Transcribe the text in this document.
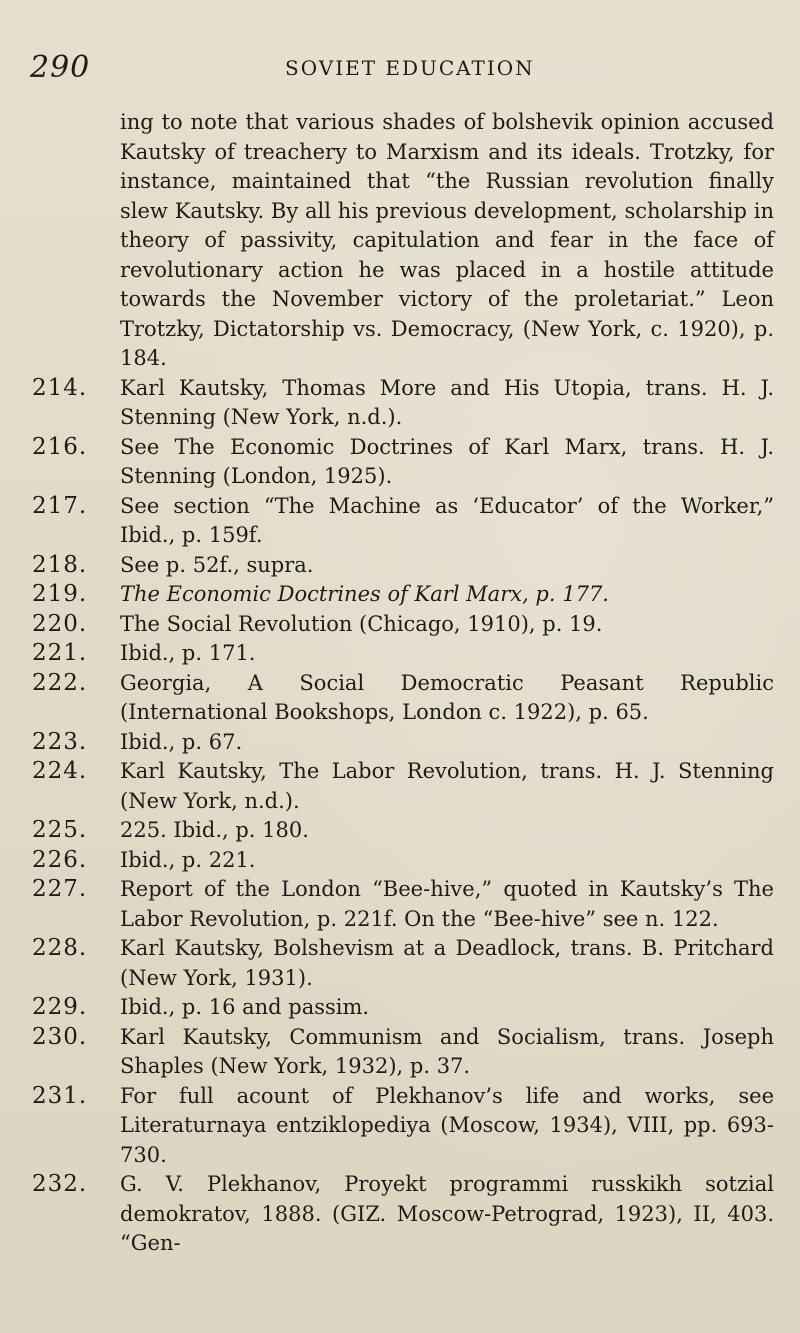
290	SOVIET EDUCATION
ing to note that various shades of bolshevik opinion accused Kautsky of treachery to Marxism and its ideals. Trotzky, for instance, maintained that “the Russian revolution finally slew Kautsky. By all his previous development, scholarship in theory of passivity, capitulation and fear in the face of revolutionary action he was placed in a hostile attitude towards the November victory of the proletariat.” Leon Trotzky, Dictatorship vs. Democracy, (New York, c. 1920), p. 184.
214.	Karl Kautsky, Thomas More and His Utopia, trans. H. J. Stenning (New York, n.d.).
216.	See The Economic Doctrines of Karl Marx, trans. H. J. Stenning (London, 1925).
217.	See section “The Machine as ‘Educator’ of the Worker,” Ibid., p. 159f.
218.	See p. 52f., supra.
219.	The Economic Doctrines of Karl Marx, p. 177.
220.	The Social Revolution (Chicago, 1910), p. 19.
221.	Ibid., p. 171.
222.	Georgia, A Social Democratic Peasant Republic (International Bookshops, London c. 1922), p. 65.
223.	Ibid., p. 67.
224.	Karl Kautsky, The Labor Revolution, trans. H. J. Stenning (New York, n.d.).
225.	225. Ibid., p. 180.
226.	Ibid., p. 221.
227.	Report of the London “Bee-hive,” quoted in Kautsky’s The Labor Revolution, p. 221f. On the “Bee-hive” see n. 122.
228.	Karl Kautsky, Bolshevism at a Deadlock, trans. B. Pritchard (New York, 1931).
229.	Ibid., p. 16 and passim.
230.	Karl Kautsky, Communism and Socialism, trans. Joseph Shaples (New York, 1932), p. 37.
231.	For full acount of Plekhanov’s life and works, see Literaturnaya entziklopediya (Moscow, 1934), VIII, pp. 693-730.
232.	G. V. Plekhanov, Proyekt programmi russkikh sotzial demokratov, 1888. (GIZ. Moscow-Petrograd, 1923), II, 403. “Gen-
